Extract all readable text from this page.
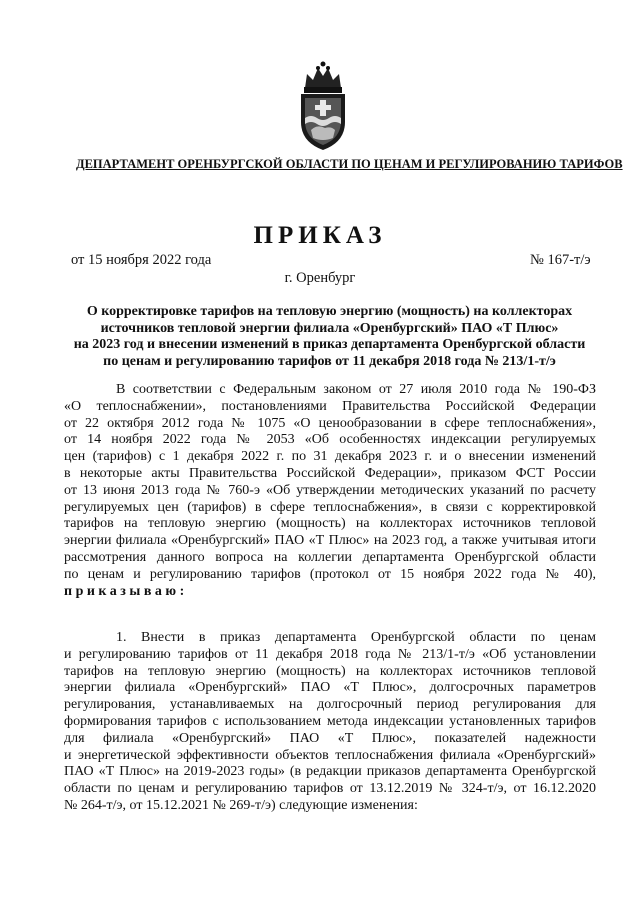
ДЕПАРТАМЕНТ ОРЕНБУРГСКОЙ ОБЛАСТИ ПО ЦЕНАМ И РЕГУЛИРОВАНИЮ ТАРИФОВ
ПРИКАЗ
от 15 ноября 2022 года	№ 167-т/э
г. Оренбург
О корректировке тарифов на тепловую энергию (мощность) на коллекторах
источников тепловой энергии филиала «Оренбургский» ПАО «Т Плюс»
на 2023 год и внесении изменений в приказ департамента Оренбургской области
по ценам и регулированию тарифов от 11 декабря 2018 года № 213/1-т/э
В соответствии с Федеральным законом от 27 июля 2010 года № 190-ФЗ
«О теплоснабжении», постановлениями Правительства Российской Федерации
от 22 октября 2012 года № 1075 «О ценообразовании в сфере теплоснабжения»,
от 14 ноября 2022 года № 2053 «Об особенностях индексации регулируемых
цен (тарифов) с 1 декабря 2022 г. по 31 декабря 2023 г. и о внесении изменений
в некоторые акты Правительства Российской Федерации», приказом ФСТ России
от 13 июня 2013 года № 760-э «Об утверждении методических указаний по расчету
регулируемых цен (тарифов) в сфере теплоснабжения», в связи с корректировкой
тарифов на тепловую энергию (мощность) на коллекторах источников тепловой
энергии филиала «Оренбургский» ПАО «Т Плюс» на 2023 год, а также учитывая итоги
рассмотрения данного вопроса на коллегии департамента Оренбургской области
по ценам и регулированию тарифов (протокол от 15 ноября 2022 года № 40),
приказываю:
1. Внести в приказ департамента Оренбургской области по ценам
и регулированию тарифов от 11 декабря 2018 года № 213/1-т/э «Об установлении
тарифов на тепловую энергию (мощность) на коллекторах источников тепловой
энергии филиала «Оренбургский» ПАО «Т Плюс», долгосрочных параметров
регулирования, устанавливаемых на долгосрочный период регулирования для
формирования тарифов с использованием метода индексации установленных тарифов
для филиала «Оренбургский» ПАО «Т Плюс», показателей надежности
и энергетической эффективности объектов теплоснабжения филиала «Оренбургский»
ПАО «Т Плюс» на 2019-2023 годы» (в редакции приказов департамента Оренбургской
области по ценам и регулированию тарифов от 13.12.2019 № 324-т/э, от 16.12.2020
№ 264-т/э, от 15.12.2021 № 269-т/э) следующие изменения:
